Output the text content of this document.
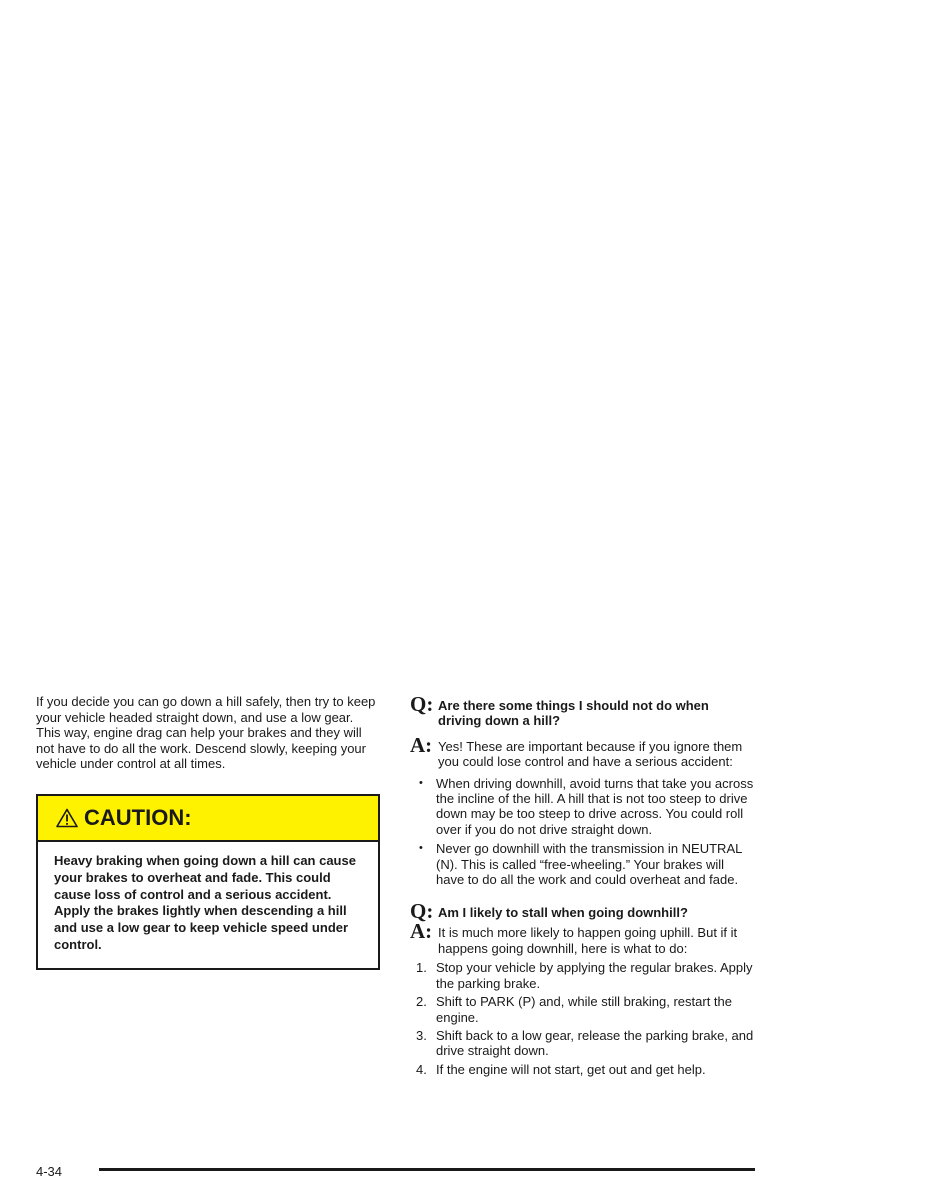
If you decide you can go down a hill safely, then try to keep your vehicle headed straight down, and use a low gear. This way, engine drag can help your brakes and they will not have to do all the work. Descend slowly, keeping your vehicle under control at all times.

CAUTION:

Heavy braking when going down a hill can cause your brakes to overheat and fade. This could cause loss of control and a serious accident. Apply the brakes lightly when descending a hill and use a low gear to keep vehicle speed under control.

Q: Are there some things I should not do when driving down a hill?
A: Yes! These are important because if you ignore them you could lose control and have a serious accident:
• When driving downhill, avoid turns that take you across the incline of the hill. A hill that is not too steep to drive down may be too steep to drive across. You could roll over if you do not drive straight down.
• Never go downhill with the transmission in NEUTRAL (N). This is called “free-wheeling.” Your brakes will have to do all the work and could overheat and fade.
Q: Am I likely to stall when going downhill?
A: It is much more likely to happen going uphill. But if it happens going downhill, here is what to do:
1. Stop your vehicle by applying the regular brakes. Apply the parking brake.
2. Shift to PARK (P) and, while still braking, restart the engine.
3. Shift back to a low gear, release the parking brake, and drive straight down.
4. If the engine will not start, get out and get help.
4-34
